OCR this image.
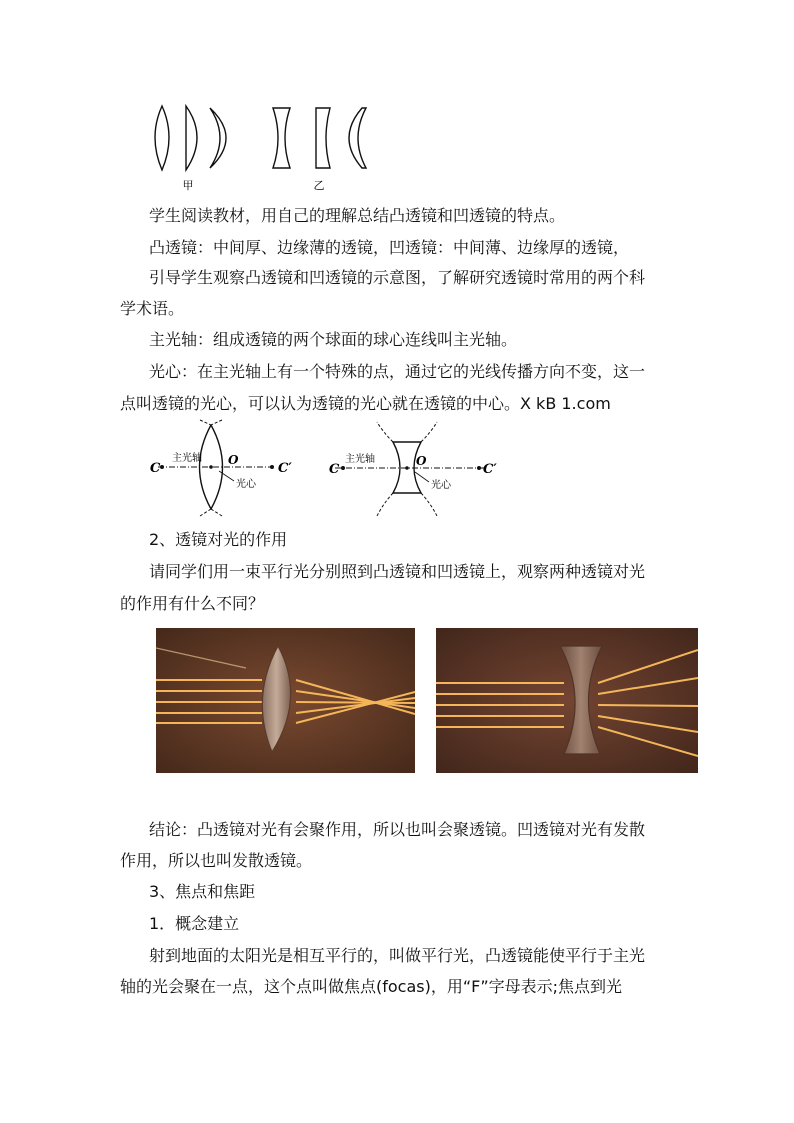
甲	乙
学生阅读教材，用自己的理解总结凸透镜和凹透镜的特点。
凸透镜：中间厚、边缘薄的透镜，凹透镜：中间薄、边缘厚的透镜，
引导学生观察凸透镜和凹透镜的示意图，了解研究透镜时常用的两个科
学术语。
主光轴：组成透镜的两个球面的球心连线叫主光轴。
光心：在主光轴上有一个特殊的点，通过它的光线传播方向不变，这一
点叫透镜的光心，可以认为透镜的光心就在透镜的中心。X kB 1.com
C	C′
O
主光轴
光心
C	C′
O
主光轴
光心
2、透镜对光的作用
请同学们用一束平行光分别照到凸透镜和凹透镜上，观察两种透镜对光
的作用有什么不同？
结论：凸透镜对光有会聚作用，所以也叫会聚透镜。凹透镜对光有发散
作用，所以也叫发散透镜。
3、焦点和焦距
1．概念建立
射到地面的太阳光是相互平行的，叫做平行光，凸透镜能使平行于主光
轴的光会聚在一点，这个点叫做焦点(focas)，用“F”字母表示;焦点到光
